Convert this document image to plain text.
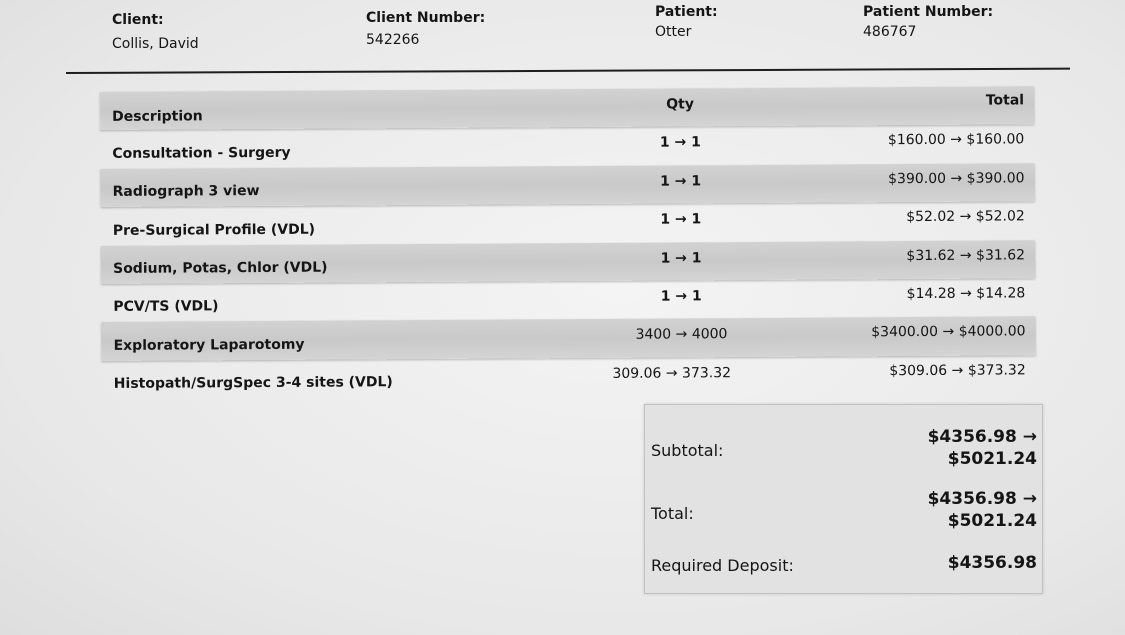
Client:
Collis, David
Client Number:
542266
Patient:
Otter
Patient Number:
486767
Description
Qty	Total
Consultation - Surgery
1 → 1	$160.00 → $160.00
Radiograph 3 view
1 → 1	$390.00 → $390.00
Pre-Surgical Profile (VDL)
1 → 1	$52.02 → $52.02
Sodium, Potas, Chlor (VDL)
1 → 1	$31.62 → $31.62
PCV/TS (VDL)
1 → 1	$14.28 → $14.28
Exploratory Laparotomy
3400 → 4000	$3400.00 → $4000.00
Histopath/SurgSpec 3-4 sites (VDL)
309.06 → 373.32	$309.06 → $373.32
Subtotal:
$4356.98 →
$5021.24
Total:
$4356.98 →
$5021.24
Required Deposit:	$4356.98
